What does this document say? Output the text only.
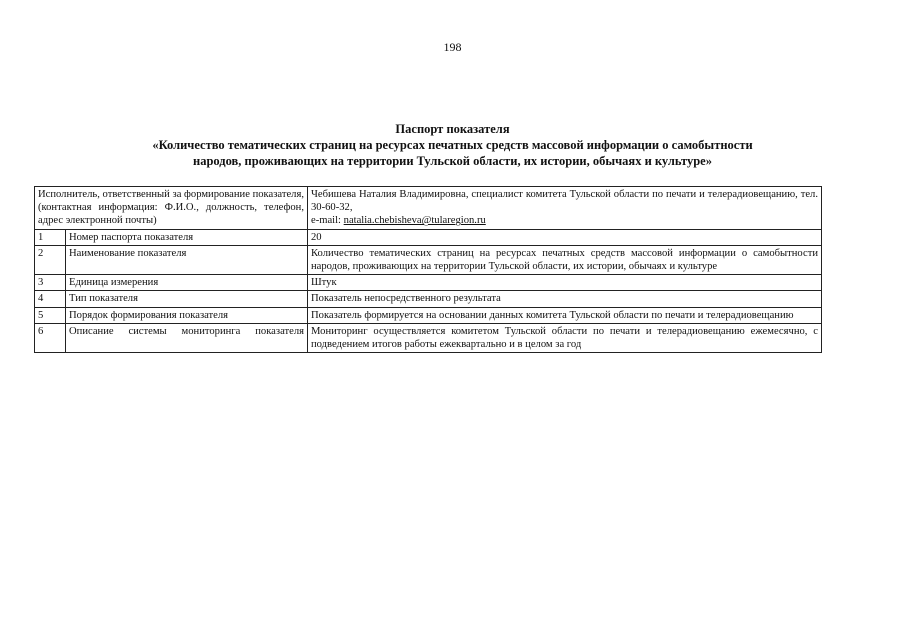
198
Паспорт показателя
«Количество тематических страниц на ресурсах печатных средств массовой информации о самобытности
народов, проживающих на территории Тульской области, их истории, обычаях и культуре»
Исполнитель, ответственный за формирование показателя, (контактная информация: Ф.И.О., должность, телефон, адрес электронной почты)		Чебишева Наталия Владимировна, специалист комитета Тульской области по печати и телерадиовещанию, тел. 30-60-32,
e-mail: natalia.chebisheva@tularegion.ru
1	Номер паспорта показателя	20
2	Наименование показателя	Количество тематических страниц на ресурсах печатных средств массовой информации о самобытности народов, проживающих на территории Тульской области, их истории, обычаях и культуре
3	Единица измерения	Штук
4	Тип показателя	Показатель непосредственного результата
5	Порядок формирования показателя	Показатель формируется на основании данных комитета Тульской области по печати и телерадиовещанию
6	Описание системы мониторинга показателя	Мониторинг осуществляется комитетом Тульской области по печати и телерадиовещанию ежемесячно, с подведением итогов работы ежеквартально и в целом за год
